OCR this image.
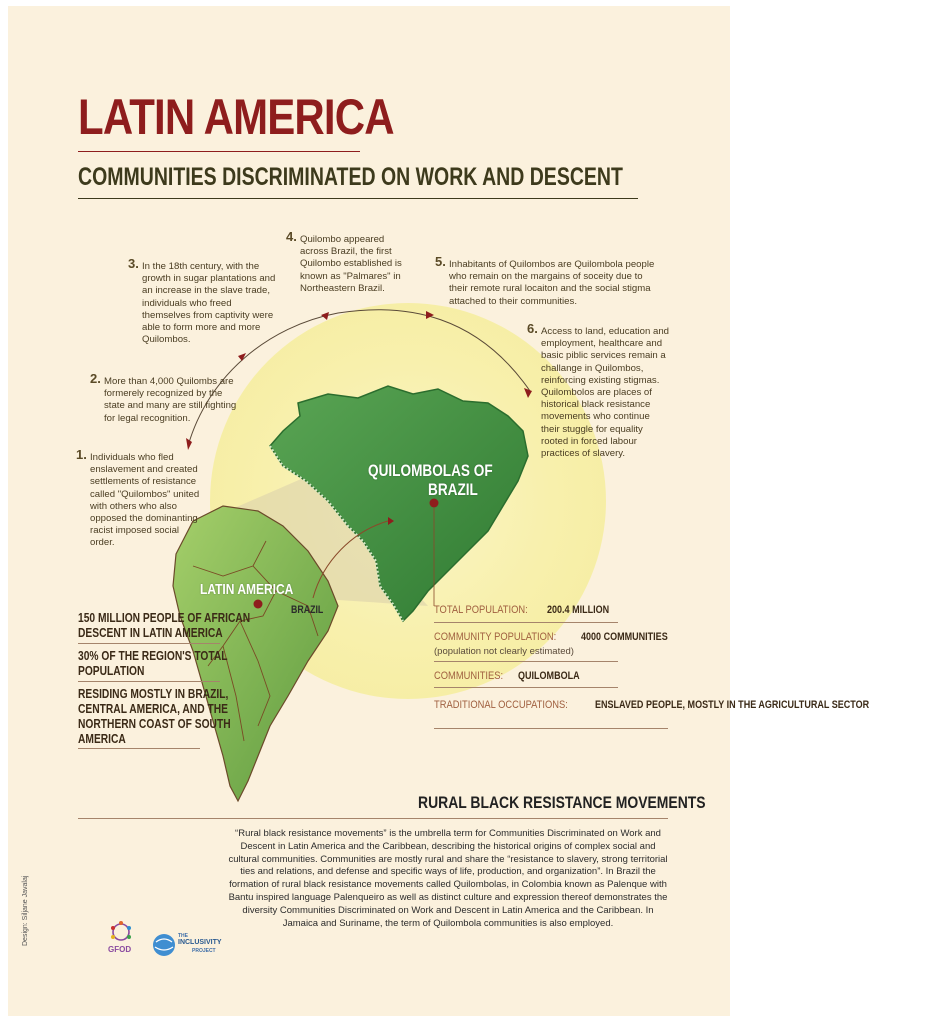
LATIN AMERICA
COMMUNITIES DISCRIMINATED ON WORK AND DESCENT
QUILOMBOLAS OF
BRAZIL
LATIN AMERICA
BRAZIL
1. Individuals who fled enslavement and created settlements of resistance called "Quilombos" united with others who also opposed the dominanting racist imposed social order.
2. More than 4,000 Quilombs are formerely recognized by the state and many are still fighting for legal recognition.
3. In the 18th century, with the growth in sugar plantations and an increase in the slave trade, individuals who freed themselves from captivity were able to form more and more Quilombos.
4. Quilombo appeared across Brazil, the first Quilombo established is known as "Palmares" in Northeastern Brazil.
5. Inhabitants of Quilombos are Quilombola people who remain on the margains of soceity due to their remote rural locaiton and the social stigma attached to their communities.
6. Access to land, education and employment, healthcare and basic piblic services remain a challange in Quilombos, reinforcing existing stigmas. Quilombolos are places of historical black resistance movements who continue their stuggle for equality rooted in forced labour practices of slavery.
150 MILLION PEOPLE OF AFRICAN
DESCENT IN LATIN AMERICA
30% OF THE REGION'S TOTAL
POPULATION
RESIDING MOSTLY IN BRAZIL,
CENTRAL AMERICA, AND THE
NORTHERN COAST OF SOUTH
AMERICA
TOTAL POPULATION: 200.4 MILLION
COMMUNITY POPULATION: 4000 COMMUNITIES
(population not clearly estimated)
COMMUNITIES: QUILOMBOLA
TRADITIONAL OCCUPATIONS: ENSLAVED PEOPLE, MOSTLY IN THE AGRICULTURAL SECTOR
RURAL BLACK RESISTANCE MOVEMENTS
“Rural black resistance movements” is the umbrella term for Communities Discriminated on Work and Descent in Latin America and the Caribbean, describing the historical origins of complex social and cultural communities. Communities are mostly rural and share the “resistance to slavery, strong territorial ties and relations, and defense and specific ways of life, production, and organization”. In Brazil the formation of rural black resistance movements called Quilombolas, in Colombia known as Palenque with Bantu inspired language Palenqueiro as well as distinct culture and expression thereof demonstrates the diversity Communities Discriminated on Work and Descent in Latin America and the Caribbean. In Jamaica and Suriname, the term of Quilombola communities is also employed.
Design: Siljane Javalaj
GFOD
THE
INCLUSIVITY
PROJECT
